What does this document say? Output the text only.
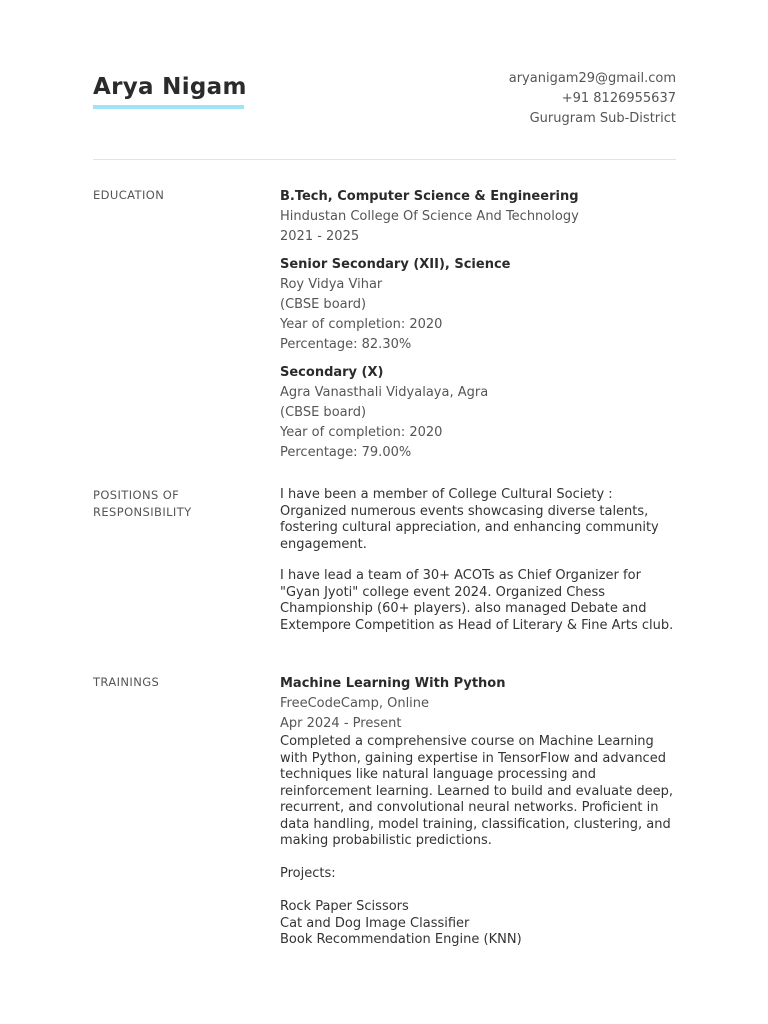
Arya Nigam	aryanigam29@gmail.com
+91 8126955637
Gurugram Sub-District
EDUCATION	B.Tech, Computer Science & Engineering

Hindustan College Of Science And Technology

2021 - 2025

Senior Secondary (XII), Science

Roy Vidya Vihar

(CBSE board)

Year of completion: 2020

Percentage: 82.30%

Secondary (X)

Agra Vanasthali Vidyalaya, Agra

(CBSE board)

Year of completion: 2020

Percentage: 79.00%

POSITIONS OF
RESPONSIBILITY

I have been a member of College Cultural Society : Organized numerous events showcasing diverse talents, fostering cultural appreciation, and enhancing community engagement.

I have lead a team of 30+ ACOTs as Chief Organizer for "Gyan Jyoti" college event 2024. Organized Chess Championship (60+ players). also managed Debate and Extempore Competition as Head of Literary & Fine Arts club.

TRAININGS	Machine Learning With Python

FreeCodeCamp, Online

Apr 2024 - Present

Completed a comprehensive course on Machine Learning with Python, gaining expertise in TensorFlow and advanced techniques like natural language processing and reinforcement learning. Learned to build and evaluate deep, recurrent, and convolutional neural networks. Proficient in data handling, model training, classification, clustering, and making probabilistic predictions.

Projects:

Rock Paper Scissors

Cat and Dog Image Classifier

Book Recommendation Engine (KNN)
